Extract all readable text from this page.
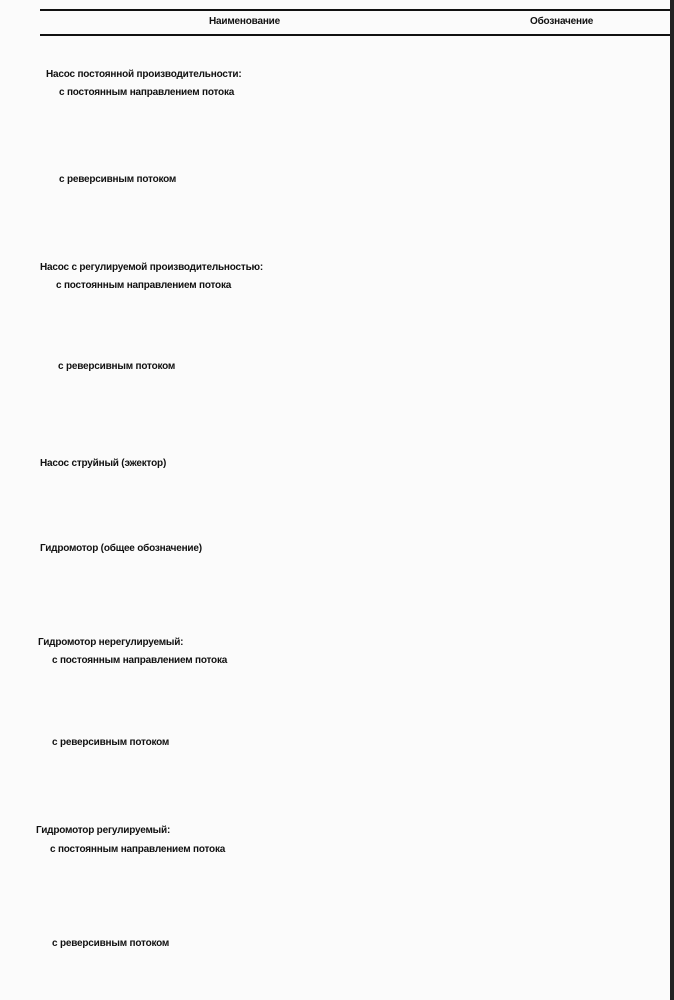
Наименование	Обозначение
Насос постоянной производительности:
с постоянным направлением потока
с реверсивным потоком
Насос с регулируемой производительностью:
с постоянным направлением потока
с реверсивным потоком
Насос струйный (эжектор)
Гидромотор (общее обозначение)
М
Гидромотор нерегулируемый:
с постоянным направлением потока
с реверсивным потоком
Гидромотор регулируемый:
с постоянным направлением потока
с реверсивным потоком
